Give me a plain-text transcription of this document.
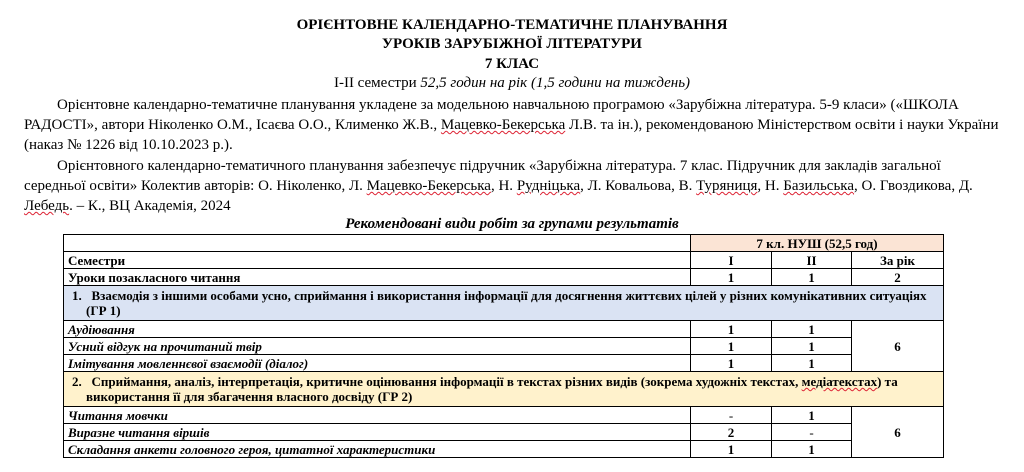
ОРІЄНТОВНЕ КАЛЕНДАРНО-ТЕМАТИЧНЕ ПЛАНУВАННЯ
УРОКІВ ЗАРУБІЖНОЇ ЛІТЕРАТУРИ
7 КЛАС
І-ІІ семестри 52,5 годин на рік (1,5 години на тиждень)
Орієнтовне календарно-тематичне планування укладене за модельною навчальною програмою «Зарубіжна література. 5-9 класи» («ШКОЛА РАДОСТІ», автори Ніколенко О.М., Ісаєва О.О., Клименко Ж.В., Мацевко-Бекерська Л.В. та ін.), рекомендованою Міністерством освіти і науки України (наказ № 1226 від 10.10.2023 р.).
Орієнтовного календарно-тематичного планування забезпечує підручник «Зарубіжна література. 7 клас. Підручник для закладів загальної середньої освіти» Колектив авторів: О. Ніколенко, Л. Мацевко-Бекерська, Н. Рудніцька, Л. Ковальова, В. Туряниця, Н. Базильська, О. Гвоздикова, Д. Лебедь. – К., ВЦ Академія, 2024
Рекомендовані види робіт за групами результатів
	7 кл. НУШ (52,5 год)		
Семестри	І	ІІ	За рік
Уроки позакласного читання	1	1	2
1. Взаємодія з іншими особами усно, сприймання і використання інформації для досягнення життєвих цілей у різних комунікативних ситуаціях (ГР 1)			
Аудіювання	1	1	6
Усний відгук на прочитаний твір	1	1	
Імітування мовленнєвої взаємодії (діалог)	1	1	
2. Сприймання, аналіз, інтерпретація, критичне оцінювання інформації в текстах різних видів (зокрема художніх текстах, медіатекстах) та використання її для збагачення власного досвіду (ГР 2)			
Читання мовчки	-	1	6
Виразне читання віршів	2	-	
Складання анкети головного героя, цитатної характеристики	1	1	
